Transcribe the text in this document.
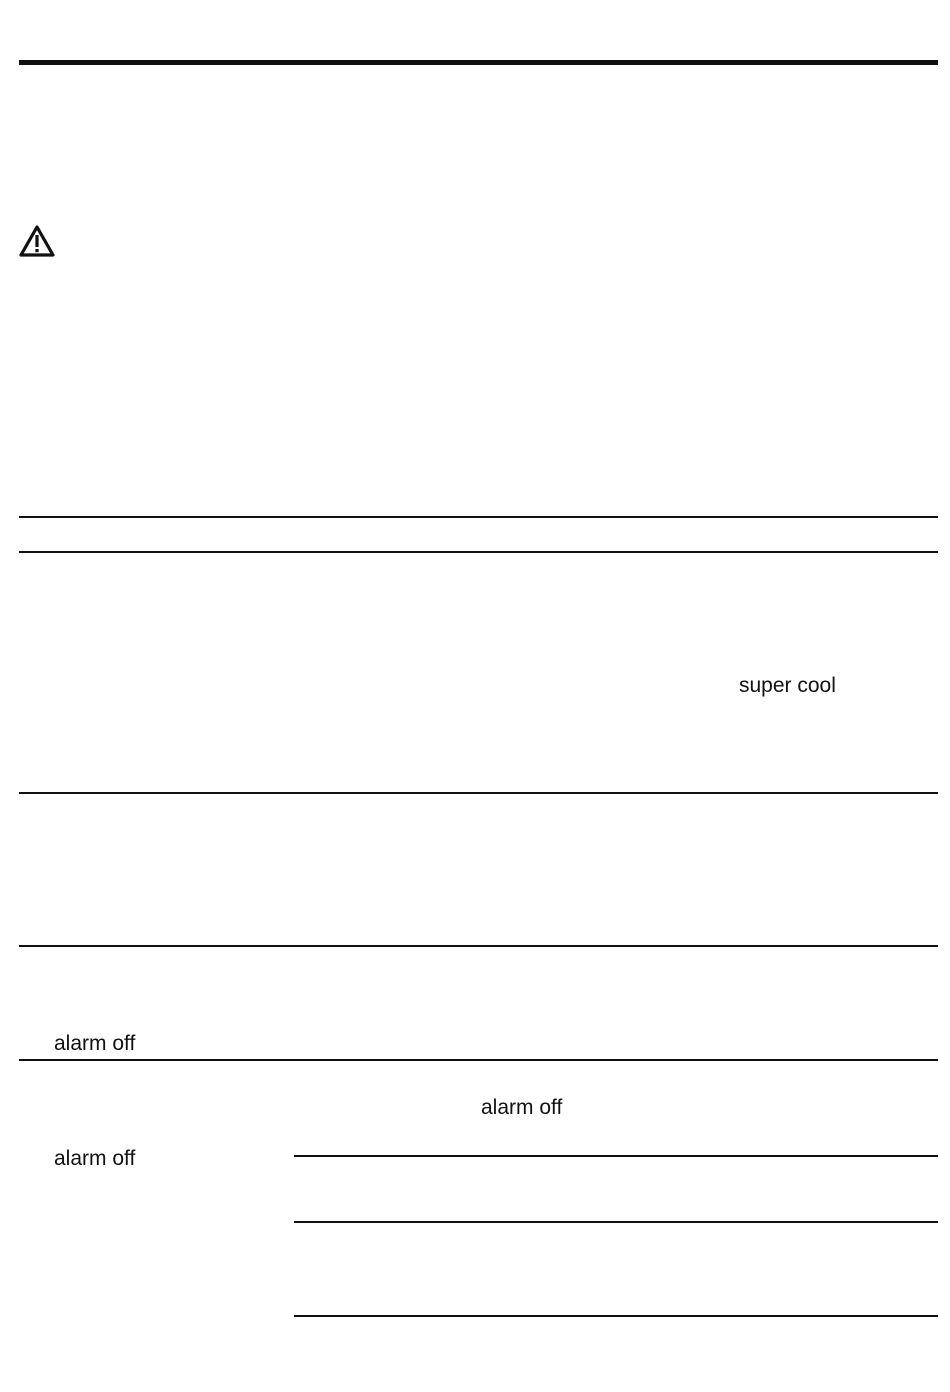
super cool
alarm off
alarm off
alarm off
